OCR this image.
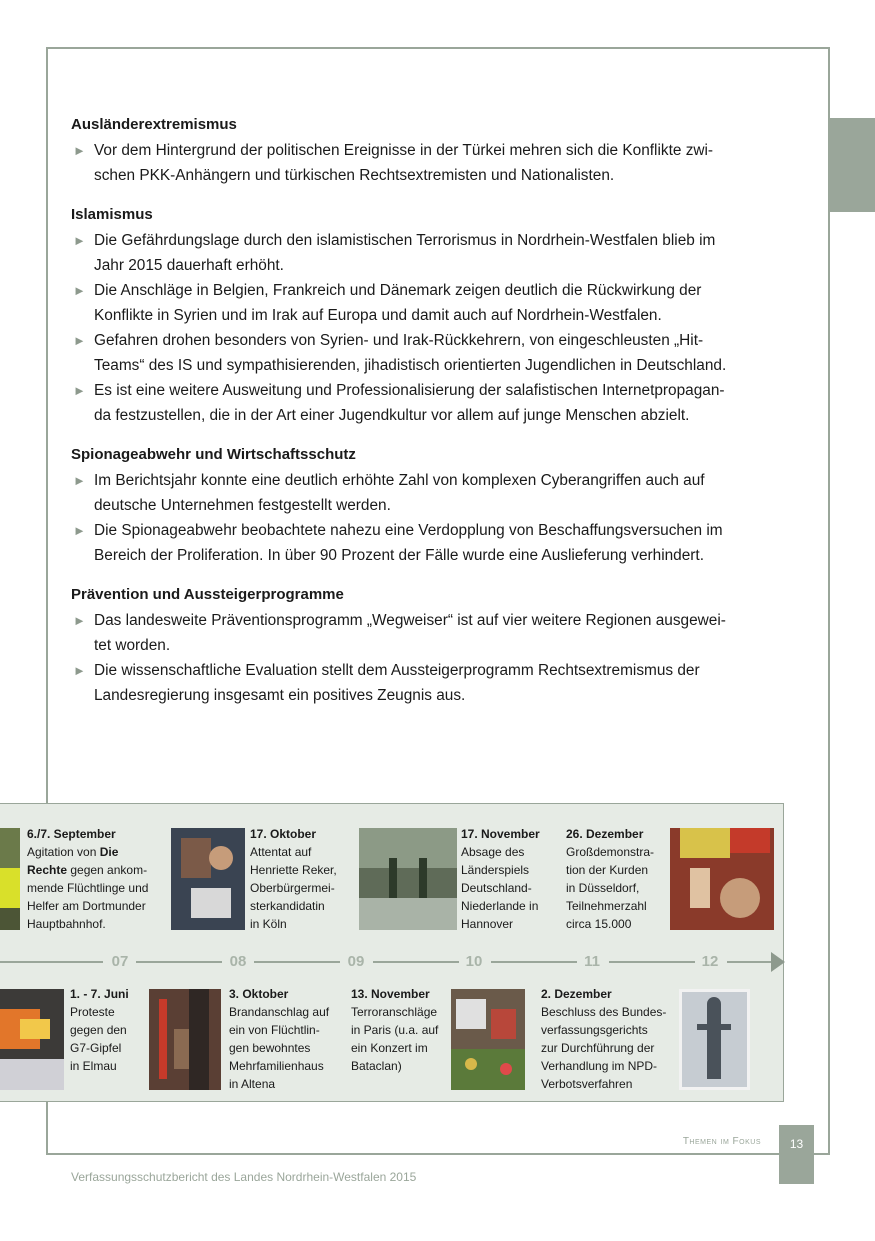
Ausländerextremismus
► Vor dem Hintergrund der politischen Ereignisse in der Türkei mehren sich die Konflikte zwi-
schen PKK-Anhängern und türkischen Rechtsextremisten und Nationalisten.
Islamismus
► Die Gefährdungslage durch den islamistischen Terrorismus in Nordrhein-Westfalen blieb im
Jahr 2015 dauerhaft erhöht.
► Die Anschläge in Belgien, Frankreich und Dänemark zeigen deutlich die Rückwirkung der
Konflikte in Syrien und im Irak auf Europa und damit auch auf Nordrhein-Westfalen.
► Gefahren drohen besonders von Syrien- und Irak-Rückkehrern, von eingeschleusten „Hit-
Teams“ des IS und sympathisierenden, jihadistisch orientierten Jugendlichen in Deutschland.
► Es ist eine weitere Ausweitung und Professionalisierung der salafistischen Internetpropagan-
da festzustellen, die in der Art einer Jugendkultur vor allem auf junge Menschen abzielt.
Spionageabwehr und Wirtschaftsschutz
► Im Berichtsjahr konnte eine deutlich erhöhte Zahl von komplexen Cyberangriffen auch auf
deutsche Unternehmen festgestellt werden.
► Die Spionageabwehr beobachtete nahezu eine Verdopplung von Beschaffungsversuchen im
Bereich der Proliferation. In über 90 Prozent der Fälle wurde eine Auslieferung verhindert.
Prävention und Aussteigerprogramme
► Das landesweite Präventionsprogramm „Wegweiser“ ist auf vier weitere Regionen ausgewei-
tet worden.
► Die wissenschaftliche Evaluation stellt dem Aussteigerprogramm Rechtsextremismus der
Landesregierung insgesamt ein positives Zeugnis aus.
6./7. September
Agitation von Die
Rechte gegen ankom-
mende Flüchtlinge und
Helfer am Dortmunder
Hauptbahnhof.
17. Oktober
Attentat auf
Henriette Reker,
Oberbürgermei-
sterkandidatin
in Köln
17. November
Absage des
Länderspiels
Deutschland-
Niederlande in
Hannover
26. Dezember
Großdemonstra-
tion der Kurden
in Düsseldorf,
Teilnehmerzahl
circa 15.000
07	08	09	10	11	12
1. - 7. Juni
Proteste
gegen den
G7-Gipfel
in Elmau
3. Oktober
Brandanschlag auf
ein von Flüchtlin-
gen bewohntes
Mehrfamilienhaus
in Altena
13. November
Terroranschläge
in Paris (u.a. auf
ein Konzert im
Bataclan)
2. Dezember
Beschluss des Bundes-
verfassungsgerichts
zur Durchführung der
Verhandlung im NPD-
Verbotsverfahren
Themen im Fokus	13
Verfassungsschutzbericht des Landes Nordrhein-Westfalen 2015
